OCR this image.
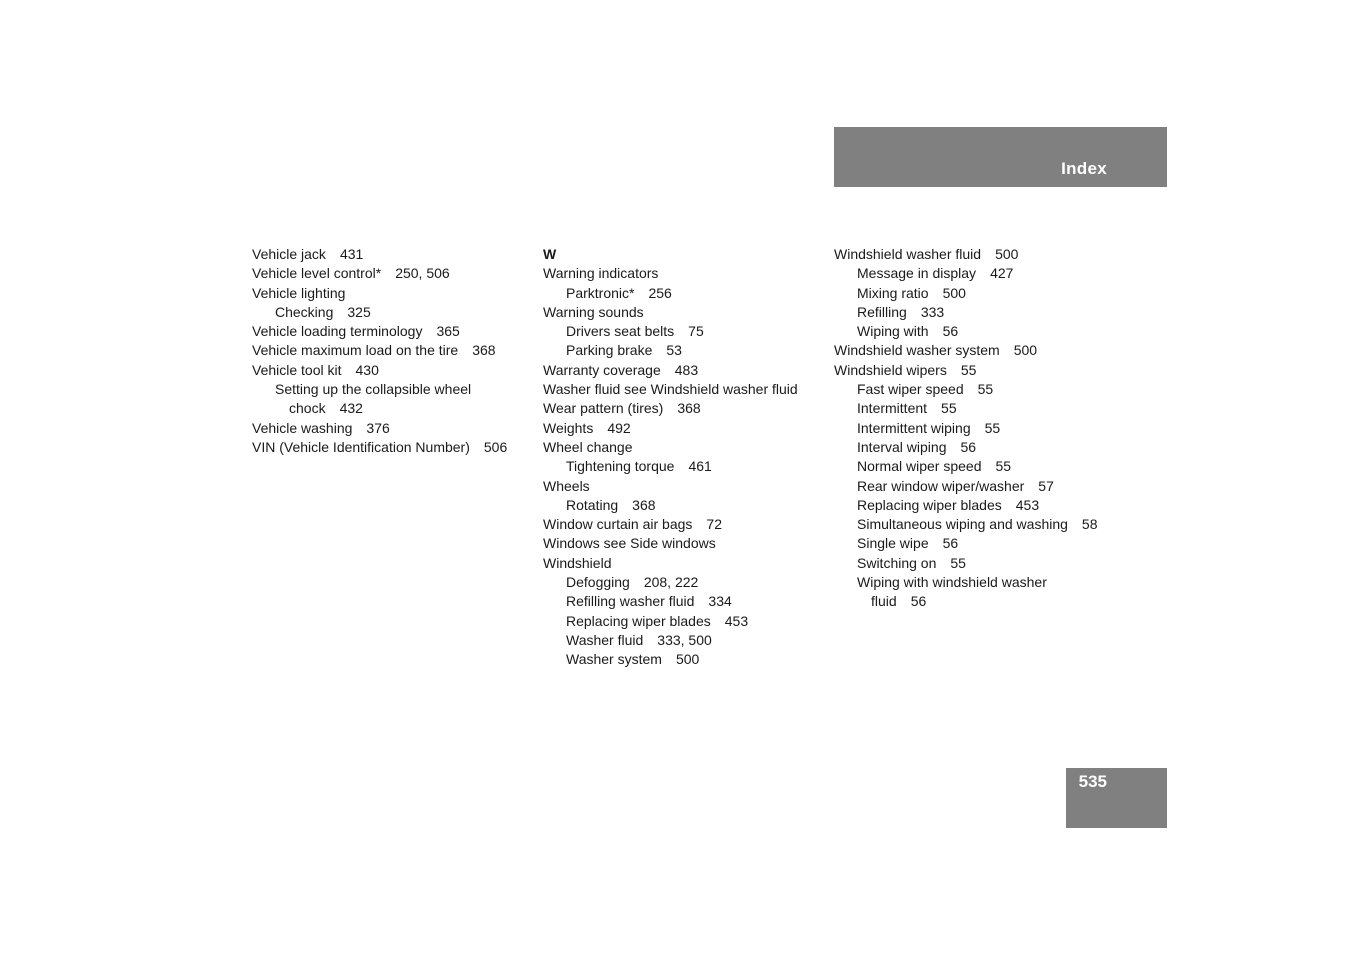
Index
Vehicle jack 431
Vehicle level control* 250, 506
Vehicle lighting
Checking 325
Vehicle loading terminology 365
Vehicle maximum load on the tire 368
Vehicle tool kit 430
Setting up the collapsible wheel
chock 432
Vehicle washing 376
VIN (Vehicle Identification Number) 506
W
Warning indicators
Parktronic* 256
Warning sounds
Drivers seat belts 75
Parking brake 53
Warranty coverage 483
Washer fluid see Windshield washer fluid
Wear pattern (tires) 368
Weights 492
Wheel change
Tightening torque 461
Wheels
Rotating 368
Window curtain air bags 72
Windows see Side windows
Windshield
Defogging 208, 222
Refilling washer fluid 334
Replacing wiper blades 453
Washer fluid 333, 500
Washer system 500
Windshield washer fluid 500
Message in display 427
Mixing ratio 500
Refilling 333
Wiping with 56
Windshield washer system 500
Windshield wipers 55
Fast wiper speed 55
Intermittent 55
Intermittent wiping 55
Interval wiping 56
Normal wiper speed 55
Rear window wiper/washer 57
Replacing wiper blades 453
Simultaneous wiping and washing 58
Single wipe 56
Switching on 55
Wiping with windshield washer
fluid 56
535
